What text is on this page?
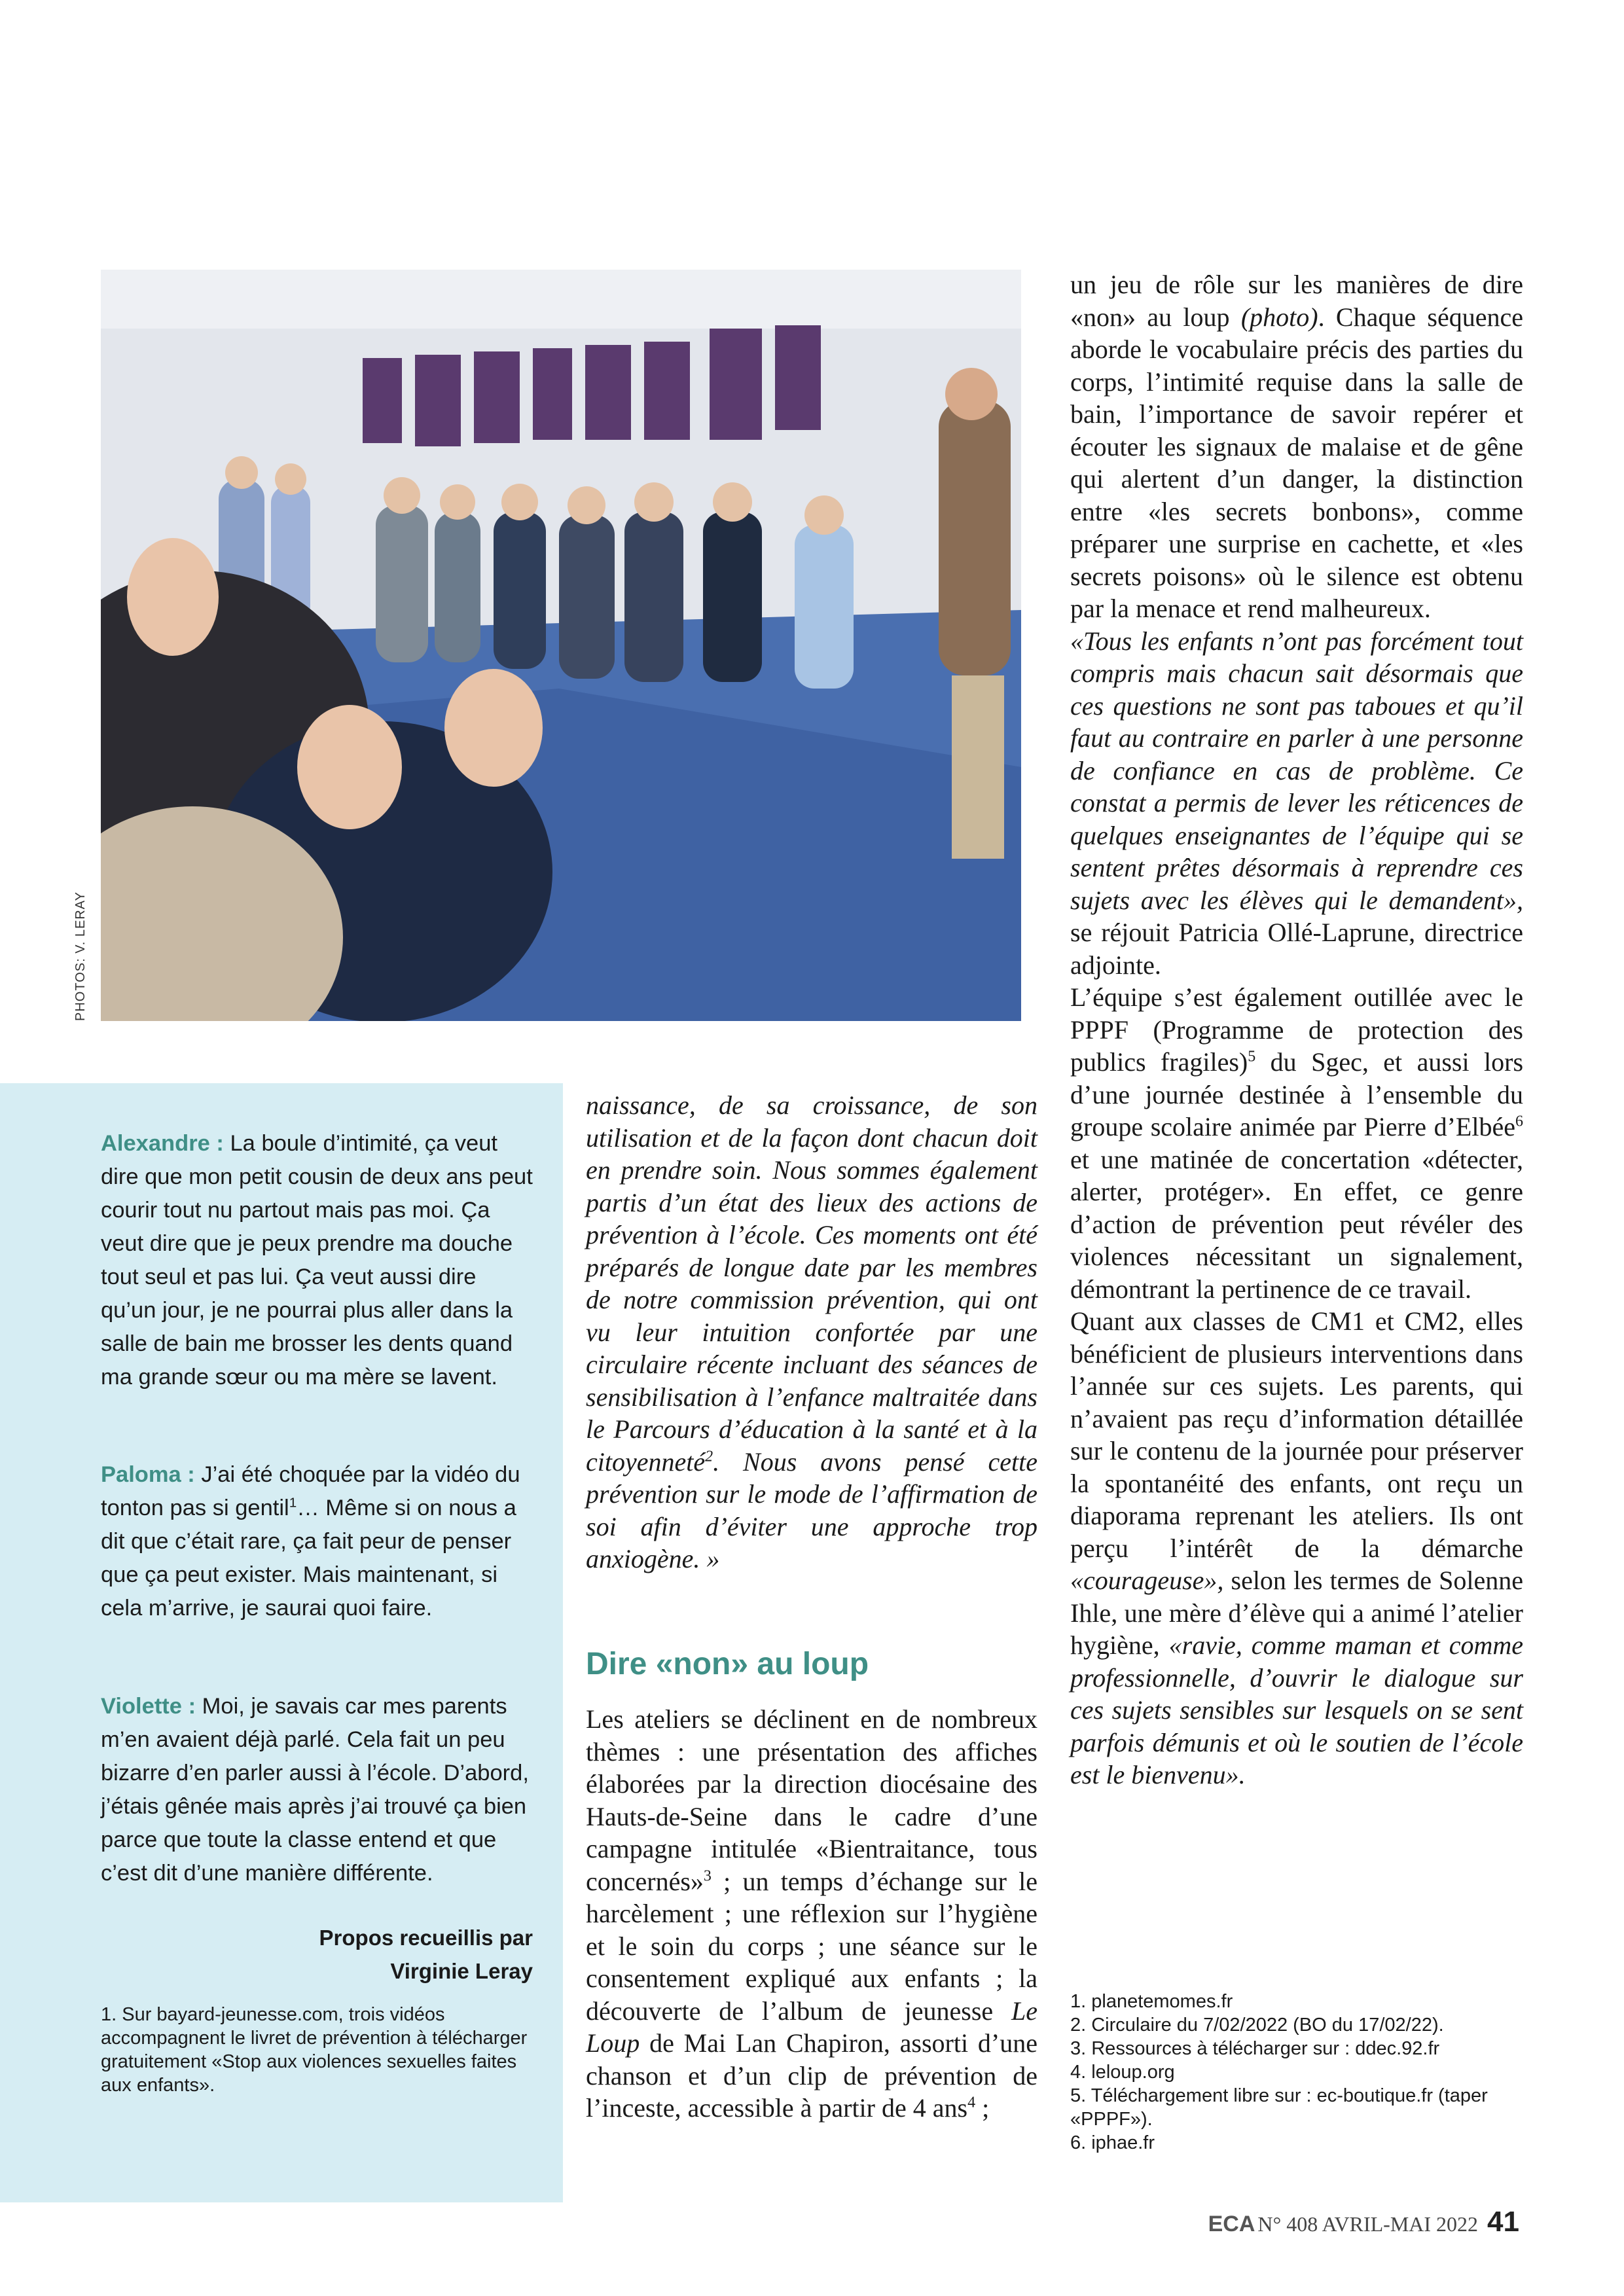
PHOTOS: V. LERAY

Alexandre : La boule d’intimité, ça veut dire que mon petit cousin de deux ans peut courir tout nu partout mais pas moi. Ça veut dire que je peux prendre ma douche tout seul et pas lui. Ça veut aussi dire qu’un jour, je ne pourrai plus aller dans la salle de bain me brosser les dents quand ma grande sœur ou ma mère se lavent.

Paloma : J’ai été choquée par la vidéo du tonton pas si gentil$^1$… Même si on nous a dit que c’était rare, ça fait peur de penser que ça peut exister. Mais maintenant, si cela m’arrive, je saurai quoi faire.

Violette : Moi, je savais car mes parents m’en avaient déjà parlé. Cela fait un peu bizarre d’en parler aussi à l’école. D’abord, j’étais gênée mais après j’ai trouvé ça bien parce que toute la classe entend et que c’est dit d’une manière différente.

Propos recueillis par
Virginie Leray

1. Sur bayard-jeunesse.com, trois vidéos accompagnent le livret de prévention à télécharger gratuitement «Stop aux violences sexuelles faites aux enfants».

naissance, de sa croissance, de son utilisation et de la façon dont chacun doit en prendre soin. Nous sommes également partis d’un état des lieux des actions de prévention à l’école. Ces moments ont été préparés de longue date par les membres de notre commission prévention, qui ont vu leur intuition confortée par une circulaire récente incluant des séances de sensibilisation à l’enfance maltraitée dans le Parcours d’éducation à la santé et à la citoyenneté$^2$. Nous avons pensé cette prévention sur le mode de l’affirmation de soi afin d’éviter une approche trop anxiogène. »

Dire «non» au loup

Les ateliers se déclinent en de nombreux thèmes : une présentation des affiches élaborées par la direction diocésaine des Hauts-de-Seine dans le cadre d’une campagne intitulée «Bientraitance, tous concernés»$^3$ ; un temps d’échange sur le harcèlement ; une réflexion sur l’hygiène et le soin du corps ; une séance sur le consentement expliqué aux enfants ; la découverte de l’album de jeunesse Le Loup de Mai Lan Chapiron, assorti d’une chanson et d’un clip de prévention de l’inceste, accessible à partir de 4 ans$^4$ ;

un jeu de rôle sur les manières de dire «non» au loup (photo). Chaque séquence aborde le vocabulaire précis des parties du corps, l’intimité requise dans la salle de bain, l’importance de savoir repérer et écouter les signaux de malaise et de gêne qui alertent d’un danger, la distinction entre «les secrets bonbons», comme préparer une surprise en cachette, et «les secrets poisons» où le silence est obtenu par la menace et rend malheureux.

«Tous les enfants n’ont pas forcément tout compris mais chacun sait désormais que ces questions ne sont pas taboues et qu’il faut au contraire en parler à une personne de confiance en cas de problème. Ce constat a permis de lever les réticences de quelques enseignantes de l’équipe qui se sentent prêtes désormais à reprendre ces sujets avec les élèves qui le demandent», se réjouit Patricia Ollé-Laprune, directrice adjointe.

L’équipe s’est également outillée avec le PPPF (Programme de protection des publics fragiles)$^5$ du Sgec, et aussi lors d’une journée destinée à l’ensemble du groupe scolaire animée par Pierre d’Elbée$^6$ et une matinée de concertation «détecter, alerter, protéger». En effet, ce genre d’action de prévention peut révéler des violences nécessitant un signalement, démontrant la pertinence de ce travail.

Quant aux classes de CM1 et CM2, elles bénéficient de plusieurs interventions dans l’année sur ces sujets. Les parents, qui n’avaient pas reçu d’information détaillée sur le contenu de la journée pour préserver la spontanéité des enfants, ont reçu un diaporama reprenant les ateliers. Ils ont perçu l’intérêt de la démarche «courageuse», selon les termes de Solenne Ihle, une mère d’élève qui a animé l’atelier hygiène, «ravie, comme maman et comme professionnelle, d’ouvrir le dialogue sur ces sujets sensibles sur lesquels on se sent parfois démunis et où le soutien de l’école est le bienvenu».

1. planetemomes.fr
2. Circulaire du 7/02/2022 (BO du 17/02/22).
3. Ressources à télécharger sur : ddec.92.fr
4. leloup.org
5. Téléchargement libre sur : ec-boutique.fr (taper «PPPF»).
6. iphae.fr
ECA N° 408 AVRIL-MAI 2022 41
